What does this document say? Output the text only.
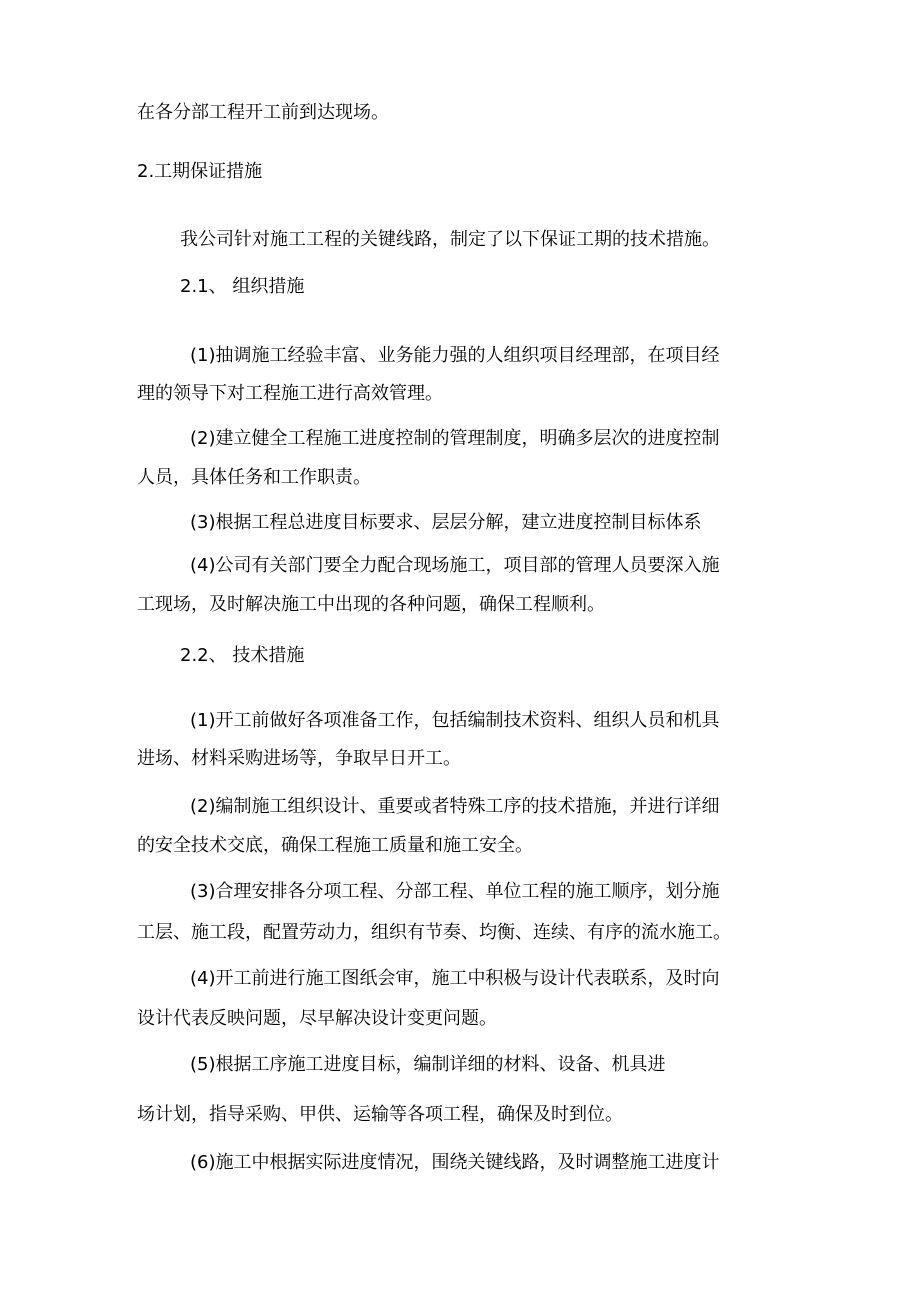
在各分部工程开工前到达现场。

2.工期保证措施

我公司针对施工工程的关键线路，制定了以下保证工期的技术措施。

2.1、 组织措施

(1)抽调施工经验丰富、业务能力强的人组织项目经理部，在项目经

理的领导下对工程施工进行高效管理。

(2)建立健全工程施工进度控制的管理制度，明确多层次的进度控制

人员，具体任务和工作职责。

(3)根据工程总进度目标要求、层层分解，建立进度控制目标体系

(4)公司有关部门要全力配合现场施工，项目部的管理人员要深入施

工现场，及时解决施工中出现的各种问题，确保工程顺利。

2.2、 技术措施

(1)开工前做好各项准备工作，包括编制技术资料、组织人员和机具

进场、材料采购进场等，争取早日开工。

(2)编制施工组织设计、重要或者特殊工序的技术措施，并进行详细

的安全技术交底，确保工程施工质量和施工安全。

(3)合理安排各分项工程、分部工程、单位工程的施工顺序，划分施

工层、施工段，配置劳动力，组织有节奏、均衡、连续、有序的流水施工。

(4)开工前进行施工图纸会审，施工中积极与设计代表联系，及时向

设计代表反映问题，尽早解决设计变更问题。

(5)根据工序施工进度目标，编制详细的材料、设备、机具进

场计划，指导采购、甲供、运输等各项工程，确保及时到位。

(6)施工中根据实际进度情况，围绕关键线路，及时调整施工进度计
